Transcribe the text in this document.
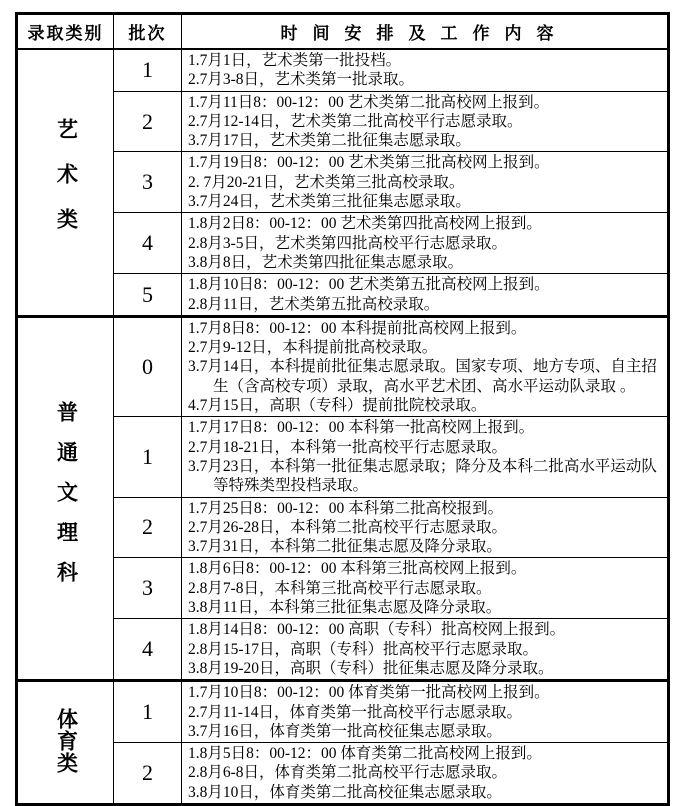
录取类别	批次	时间安排及工作内容
艺术类	1	1.7月1日，艺术类第一批投档。
2.7月3-8日，艺术类第一批录取。

	2	1.7月11日8：00-12：00 艺术类第二批高校网上报到。
2.7月12-14日，艺术类第二批高校平行志愿录取。
3.7月17日，艺术类第二批征集志愿录取。

	3	1.7月19日8：00-12：00 艺术类第三批高校网上报到。
2. 7月20-21日，艺术类第三批高校录取。
3.7月24日，艺术类第三批征集志愿录取。

	4	1.8月2日8：00-12：00 艺术类第四批高校网上报到。
2.8月3-5日，艺术类第四批高校平行志愿录取。
3.8月8日，艺术类第四批征集志愿录取。

	5	1.8月10日8：00-12：00 艺术类第五批高校网上报到。
2.8月11日，艺术类第五批高校录取。

普通文理科	0	1.7月8日8：00-12：00 本科提前批高校网上报到。
2.7月9-12日，本科提前批高校录取。
3.7月14日，本科提前批征集志愿录取。国家专项、地方专项、自主招生（含高校专项）录取，高水平艺术团、高水平运动队录取 。
4.7月15日，高职（专科）提前批院校录取。

	1	1.7月17日8：00-12：00 本科第一批高校网上报到。
2.7月18-21日，本科第一批高校平行志愿录取。
3.7月23日，本科第一批征集志愿录取；降分及本科二批高水平运动队等特殊类型投档录取。

	2	1.7月25日8：00-12：00 本科第二批高校报到。
2.7月26-28日，本科第二批高校平行志愿录取。
3.7月31日，本科第二批征集志愿及降分录取。

	3	1.8月6日8：00-12：00 本科第三批高校网上报到。
2.8月7-8日，本科第三批高校平行志愿录取。
3.8月11日，本科第三批征集志愿及降分录取。

	4	1.8月14日8：00-12：00 高职（专科）批高校网上报到。
2.8月15-17日，高职（专科）批高校平行志愿录取。
3.8月19-20日，高职（专科）批征集志愿及降分录取。

体育类	1	1.7月10日8：00-12：00 体育类第一批高校网上报到。
2.7月11-14日，体育类第一批高校平行志愿录取。
3.7月16日，体育类第一批高校征集志愿录取。

	2	1.8月5日8：00-12：00 体育类第二批高校网上报到。
2.8月6-8日，体育类第二批高校平行志愿录取。
3.8月10日，体育类第二批高校征集志愿录取。
